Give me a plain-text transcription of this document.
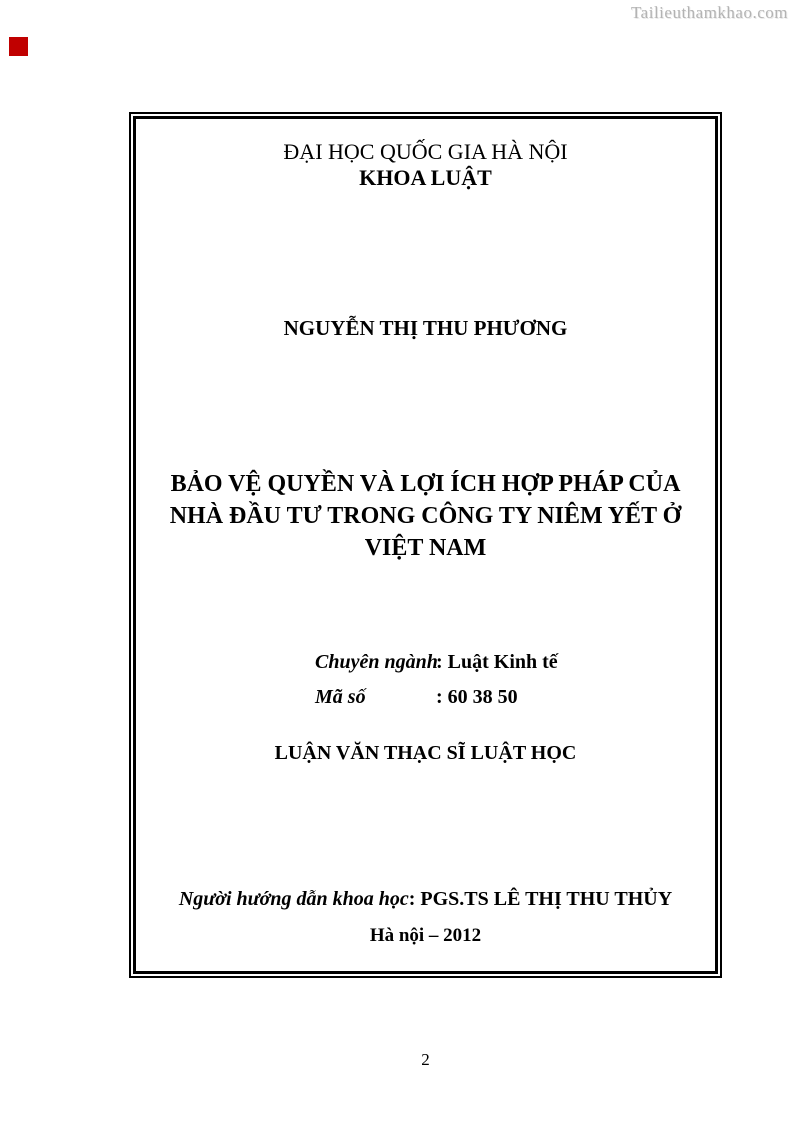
Tailieuthamkhao.com
ĐẠI HỌC QUỐC GIA HÀ NỘI
KHOA LUẬT
NGUYỄN THỊ THU PHƯƠNG
BẢO VỆ QUYỀN VÀ LỢI ÍCH HỢP PHÁP CỦA
NHÀ ĐẦU TƯ TRONG CÔNG TY NIÊM YẾT Ở
VIỆT NAM
Chuyên ngành: Luật Kinh tế
Mã số	: 60 38 50
LUẬN VĂN THẠC SĨ LUẬT HỌC
Người hướng dẫn khoa học: PGS.TS LÊ THỊ THU THỦY
Hà nội – 2012
2
